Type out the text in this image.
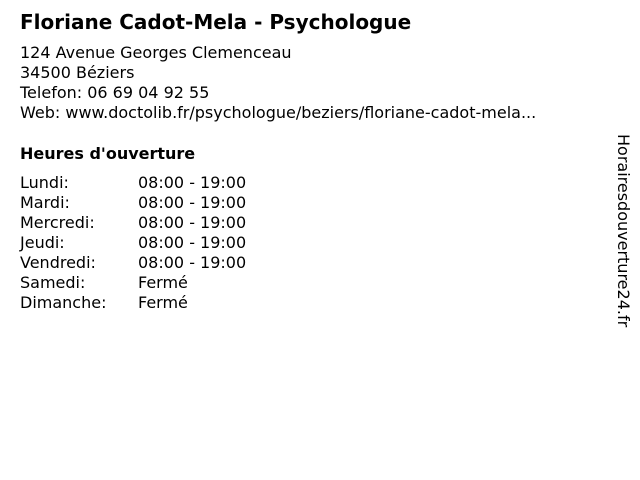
Floriane Cadot-Mela - Psychologue
124 Avenue Georges Clemenceau
34500 Béziers
Telefon: 06 69 04 92 55
Web: www.doctolib.fr/psychologue/beziers/floriane-cadot-mela...
Heures d'ouverture
Lundi:	08:00 - 19:00
Mardi:	08:00 - 19:00
Mercredi:	08:00 - 19:00
Jeudi:	08:00 - 19:00
Vendredi:	08:00 - 19:00
Samedi:	Fermé
Dimanche: Fermé	Horairesdouverture24.fr
